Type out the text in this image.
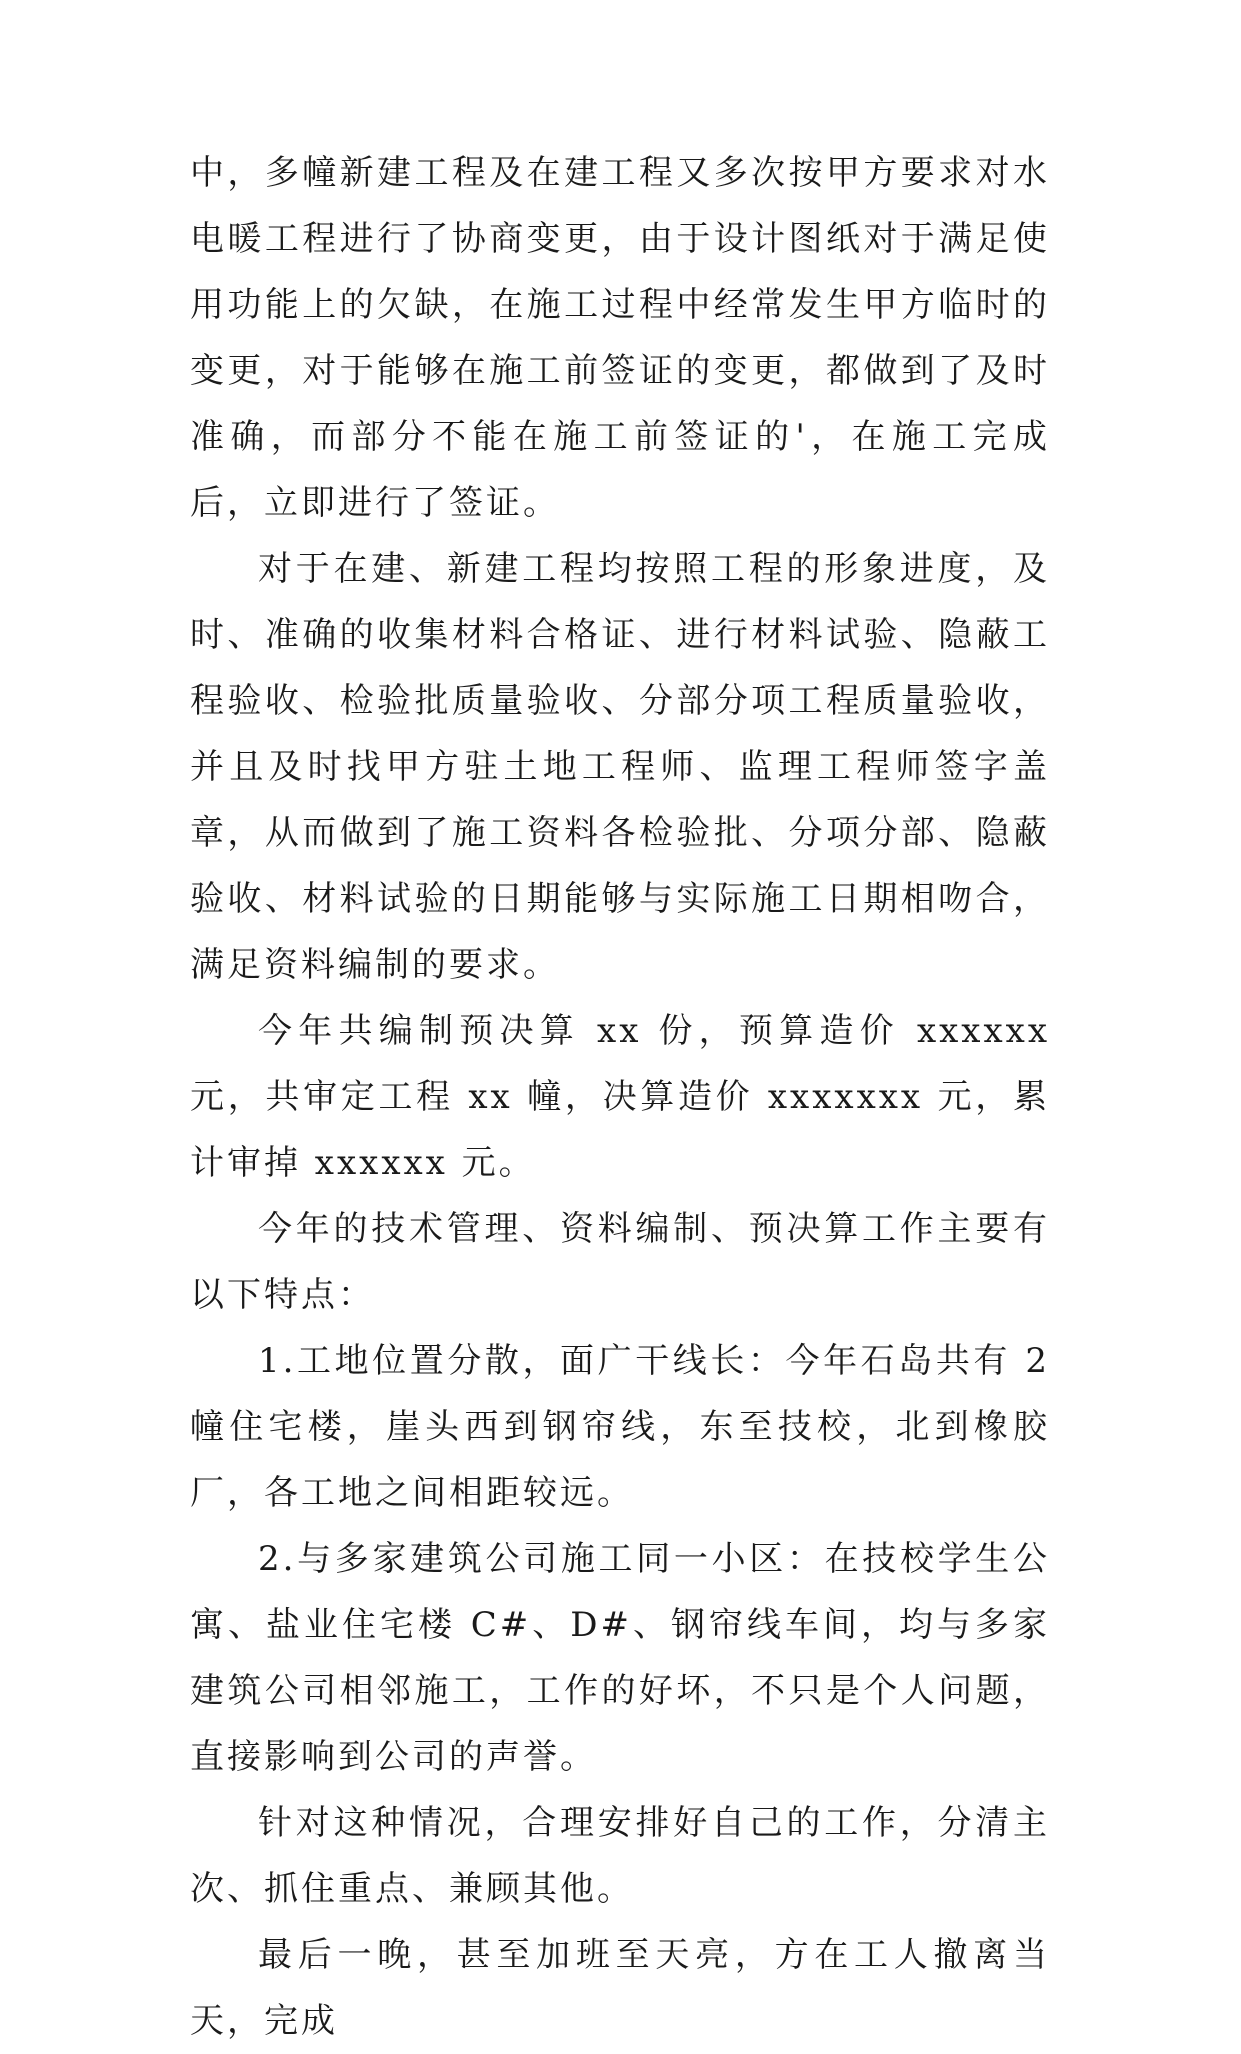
中，多幢新建工程及在建工程又多次按甲方要求对水电暖工程进行了协商变更，由于设计图纸对于满足使用功能上的欠缺，在施工过程中经常发生甲方临时的变更，对于能够在施工前签证的变更，都做到了及时准确，而部分不能在施工前签证的'，在施工完成后，立即进行了签证。

对于在建、新建工程均按照工程的形象进度，及时、准确的收集材料合格证、进行材料试验、隐蔽工程验收、检验批质量验收、分部分项工程质量验收，并且及时找甲方驻土地工程师、监理工程师签字盖章，从而做到了施工资料各检验批、分项分部、隐蔽验收、材料试验的日期能够与实际施工日期相吻合，满足资料编制的要求。

今年共编制预决算 xx 份，预算造价 xxxxxx 元，共审定工程 xx 幢，决算造价 xxxxxxx 元，累计审掉 xxxxxx 元。

今年的技术管理、资料编制、预决算工作主要有以下特点：

1.工地位置分散，面广干线长：今年石岛共有 2 幢住宅楼，崖头西到钢帘线，东至技校，北到橡胶厂，各工地之间相距较远。

2.与多家建筑公司施工同一小区：在技校学生公寓、盐业住宅楼 C#、D#、钢帘线车间，均与多家建筑公司相邻施工，工作的好坏，不只是个人问题，直接影响到公司的声誉。

针对这种情况，合理安排好自己的工作，分清主次、抓住重点、兼顾其他。

最后一晚，甚至加班至天亮，方在工人撤离当天，完成
